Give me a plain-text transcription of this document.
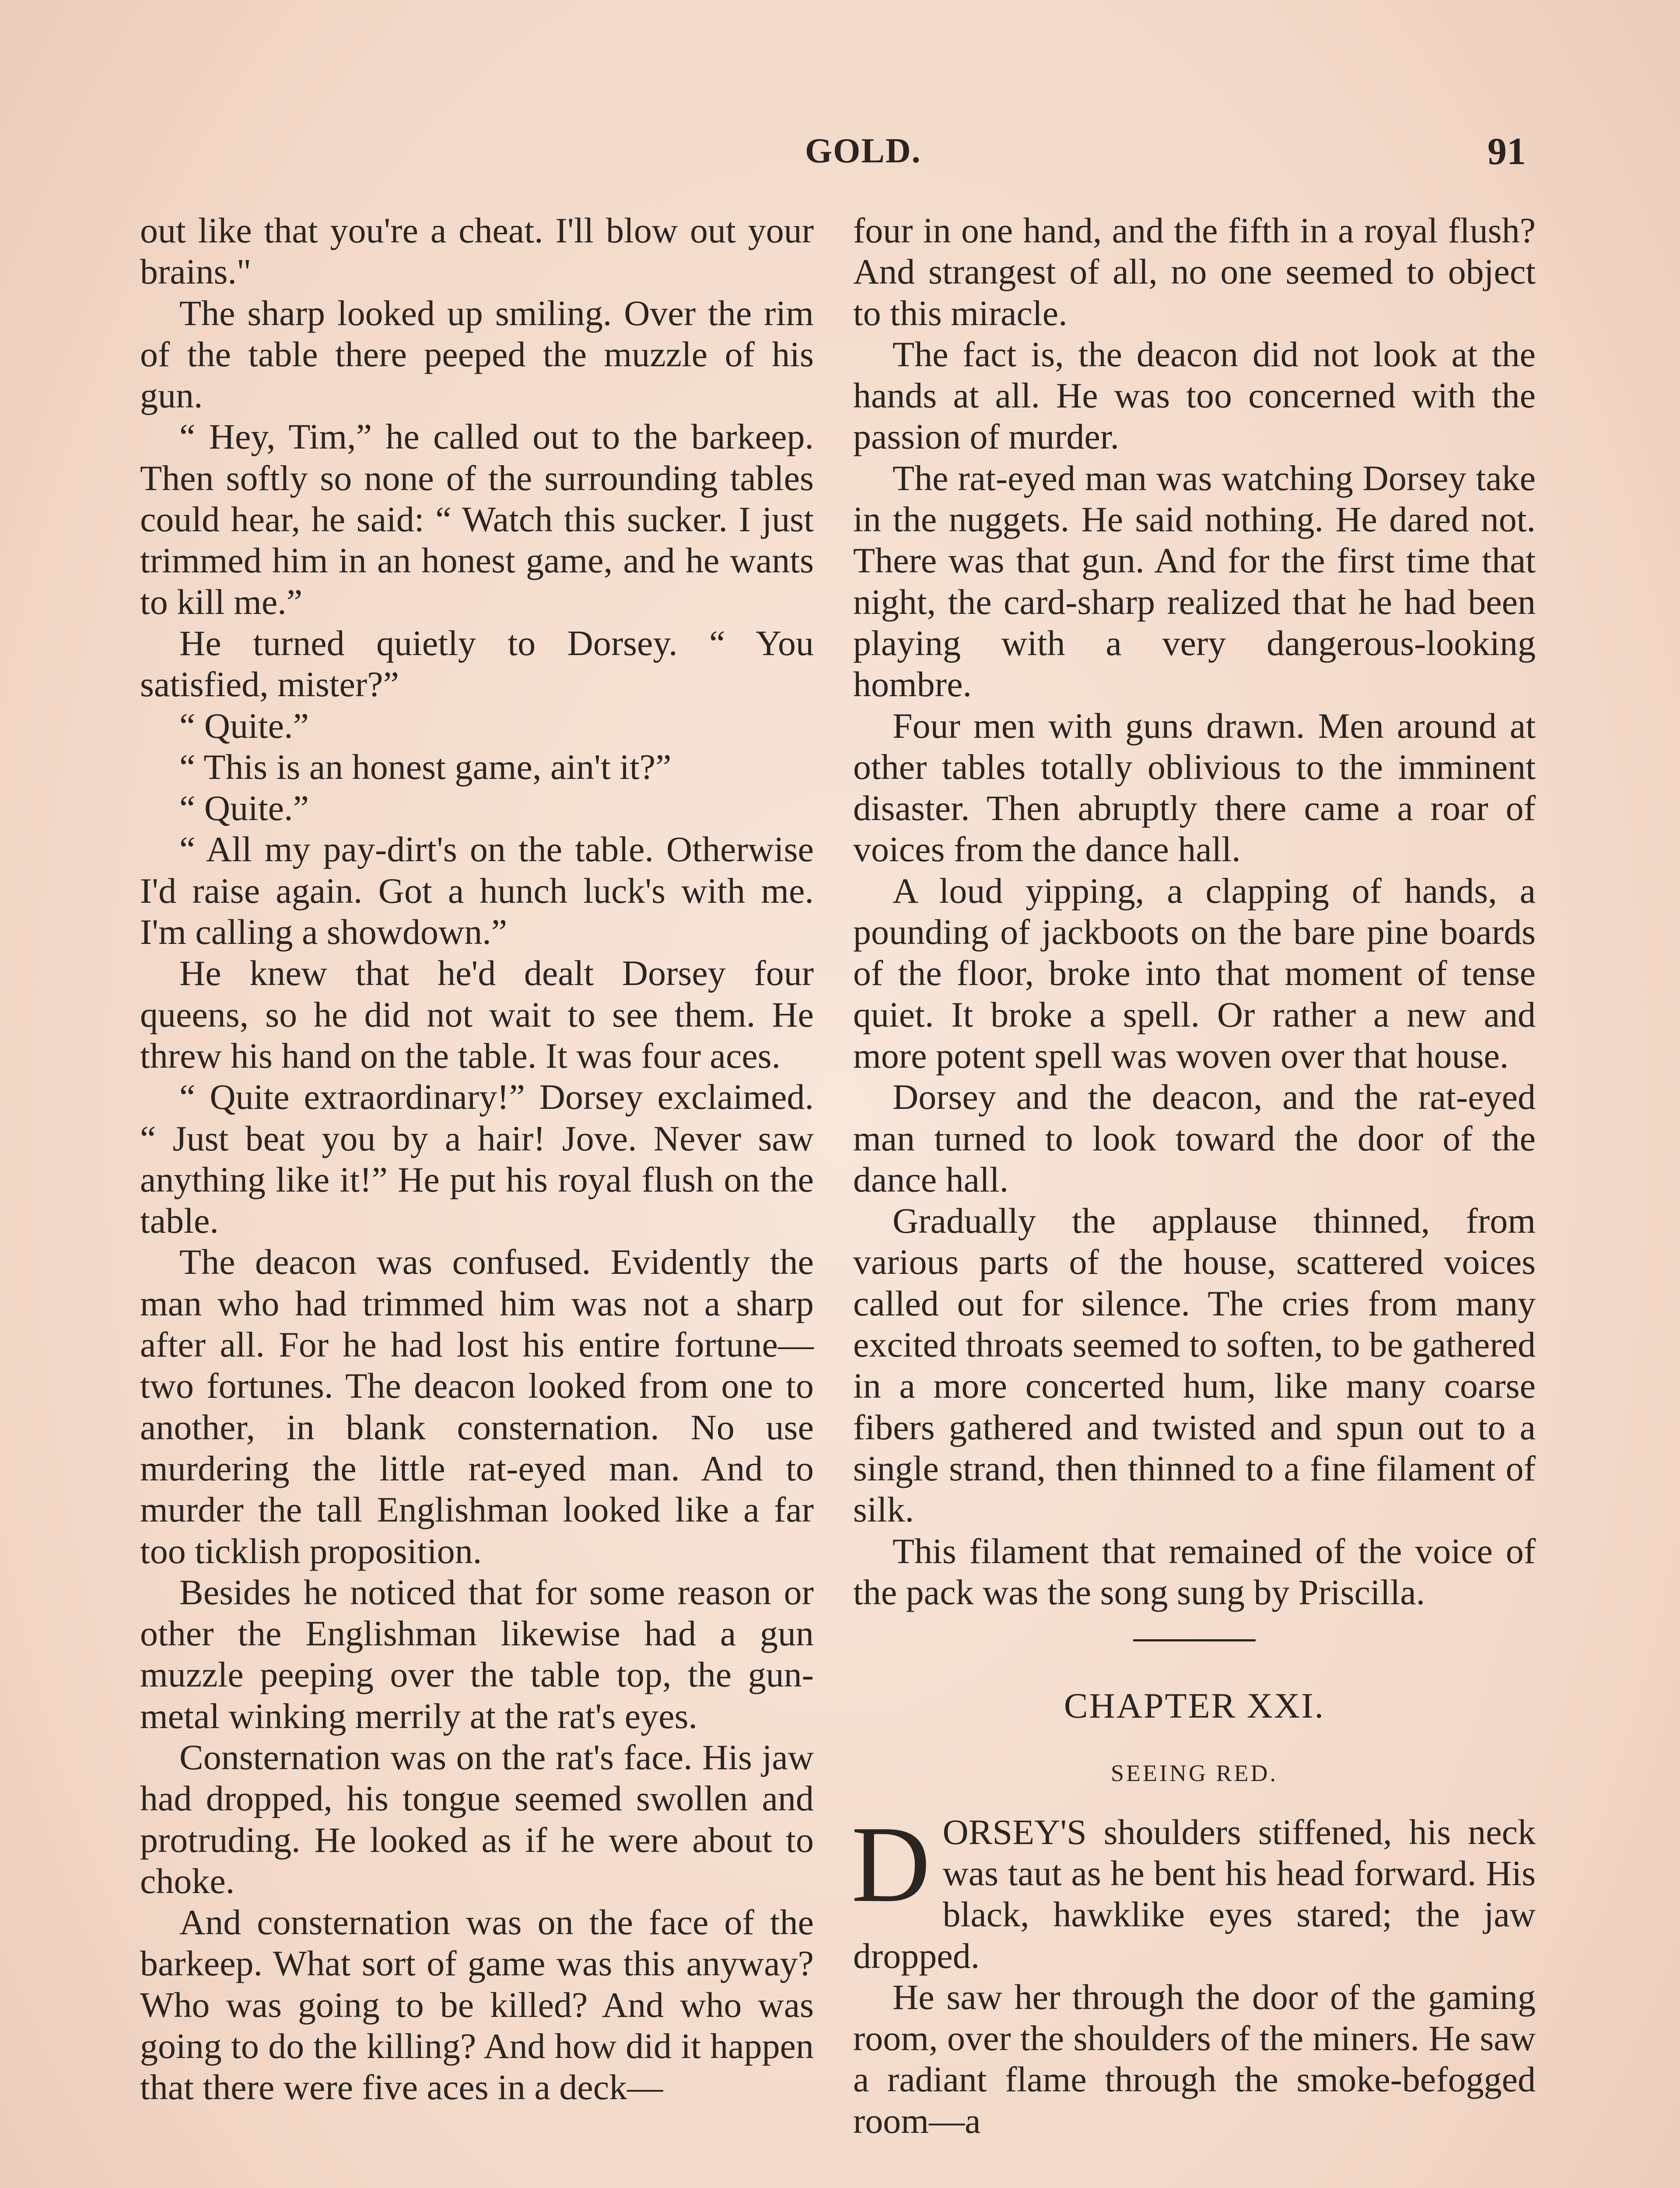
GOLD.	91

out like that you're a cheat. I'll blow out your brains."

The sharp looked up smiling. Over the rim of the table there peeped the muzzle of his gun.

“ Hey, Tim,” he called out to the barkeep. Then softly so none of the surrounding tables could hear, he said: “ Watch this sucker. I just trimmed him in an honest game, and he wants to kill me.”

He turned quietly to Dorsey. “ You satisfied, mister?”

“ Quite.”

“ This is an honest game, ain't it?”

“ Quite.”

“ All my pay-dirt's on the table. Otherwise I'd raise again. Got a hunch luck's with me. I'm calling a showdown.”

He knew that he'd dealt Dorsey four queens, so he did not wait to see them. He threw his hand on the table. It was four aces.

“ Quite extraordinary!” Dorsey exclaimed. “ Just beat you by a hair! Jove. Never saw anything like it!” He put his royal flush on the table.

The deacon was confused. Evidently the man who had trimmed him was not a sharp after all. For he had lost his entire fortune—two fortunes. The deacon looked from one to another, in blank consternation. No use murdering the little rat-eyed man. And to murder the tall Englishman looked like a far too ticklish proposition.

Besides he noticed that for some reason or other the Englishman likewise had a gun muzzle peeping over the table top, the gun-metal winking merrily at the rat's eyes.

Consternation was on the rat's face. His jaw had dropped, his tongue seemed swollen and protruding. He looked as if he were about to choke.

And consternation was on the face of the barkeep. What sort of game was this anyway? Who was going to be killed? And who was going to do the killing? And how did it happen that there were five aces in a deck—

four in one hand, and the fifth in a royal flush? And strangest of all, no one seemed to object to this miracle.

The fact is, the deacon did not look at the hands at all. He was too concerned with the passion of murder.

The rat-eyed man was watching Dorsey take in the nuggets. He said nothing. He dared not. There was that gun. And for the first time that night, the card-sharp realized that he had been playing with a very dangerous-looking hombre.

Four men with guns drawn. Men around at other tables totally oblivious to the imminent disaster. Then abruptly there came a roar of voices from the dance hall.

A loud yipping, a clapping of hands, a pounding of jackboots on the bare pine boards of the floor, broke into that moment of tense quiet. It broke a spell. Or rather a new and more potent spell was woven over that house.

Dorsey and the deacon, and the rat-eyed man turned to look toward the door of the dance hall.

Gradually the applause thinned, from various parts of the house, scattered voices called out for silence. The cries from many excited throats seemed to soften, to be gathered in a more concerted hum, like many coarse fibers gathered and twisted and spun out to a single strand, then thinned to a fine filament of silk.

This filament that remained of the voice of the pack was the song sung by Priscilla.

CHAPTER XXI.
SEEING RED.

DORSEY'S shoulders stiffened, his neck was taut as he bent his head forward. His black, hawklike eyes stared; the jaw dropped.

He saw her through the door of the gaming room, over the shoulders of the miners. He saw a radiant flame through the smoke-befogged room—a
